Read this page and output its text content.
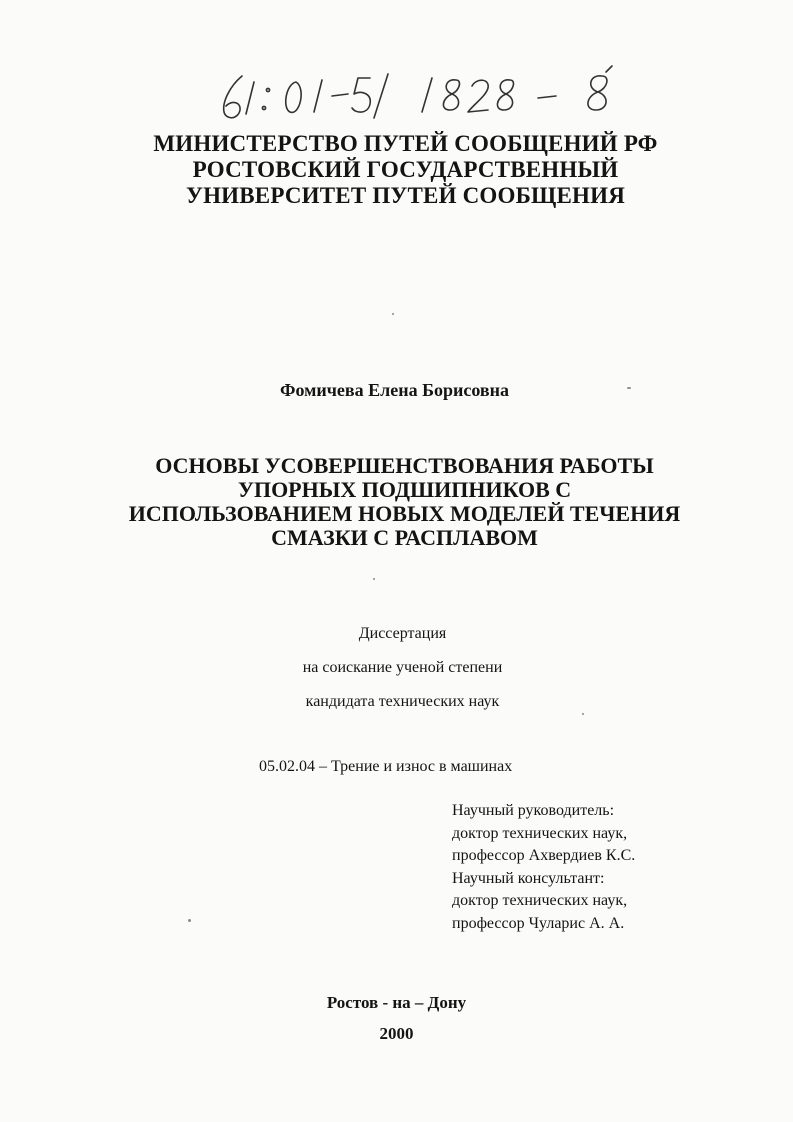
МИНИСТЕРСТВО ПУТЕЙ СООБЩЕНИЙ РФ
РОСТОВСКИЙ ГОСУДАРСТВЕННЫЙ
УНИВЕРСИТЕТ ПУТЕЙ СООБЩЕНИЯ
Фомичева Елена Борисовна
ОСНОВЫ УСОВЕРШЕНСТВОВАНИЯ РАБОТЫ
УПОРНЫХ ПОДШИПНИКОВ С
ИСПОЛЬЗОВАНИЕМ НОВЫХ МОДЕЛЕЙ ТЕЧЕНИЯ
СМАЗКИ С РАСПЛАВОМ
Диссертация
на соискание ученой степени
кандидата технических наук
05.02.04 – Трение и износ в машинах
Научный руководитель:
доктор технических наук,
профессор Ахвердиев К.С.
Научный консультант:
доктор технических наук,
профессор Чуларис А. А.
Ростов - на – Дону
2000
